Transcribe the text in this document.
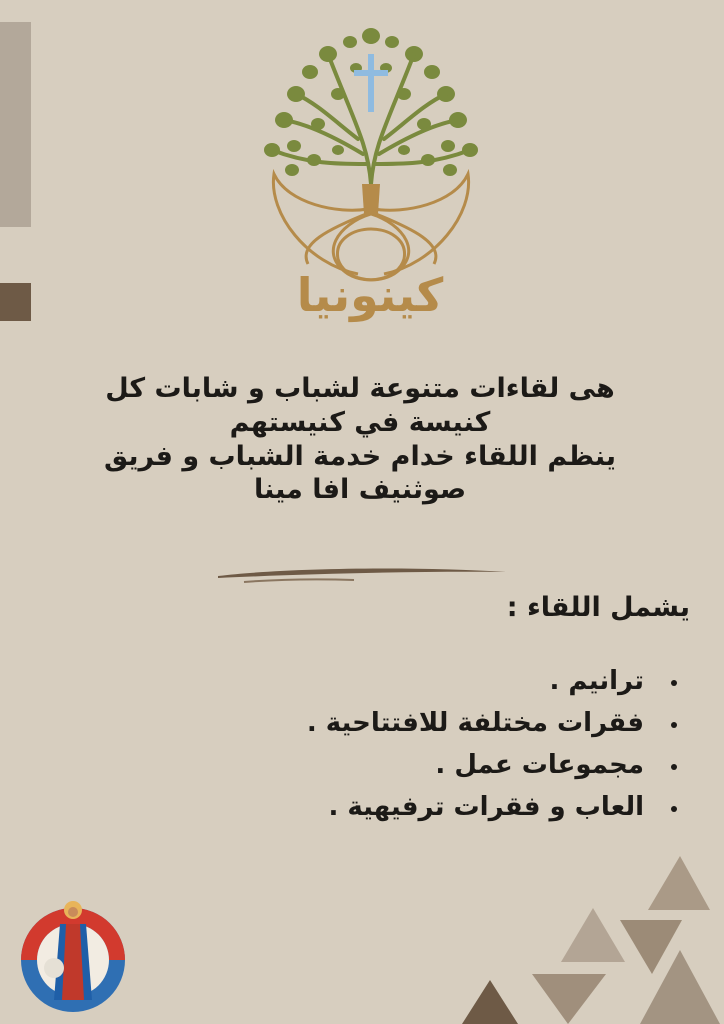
كينونيا

هى لقاءات متنوعة لشباب و شابات كل

كنيسة في كنيستهم

ينظم اللقاء خدام خدمة الشباب و فريق

صوثنيف افا مينا

يشمل اللقاء :
• ترانيم .
• فقرات مختلفة للافتتاحية .
• مجموعات عمل .
• العاب و فقرات ترفيهية .
